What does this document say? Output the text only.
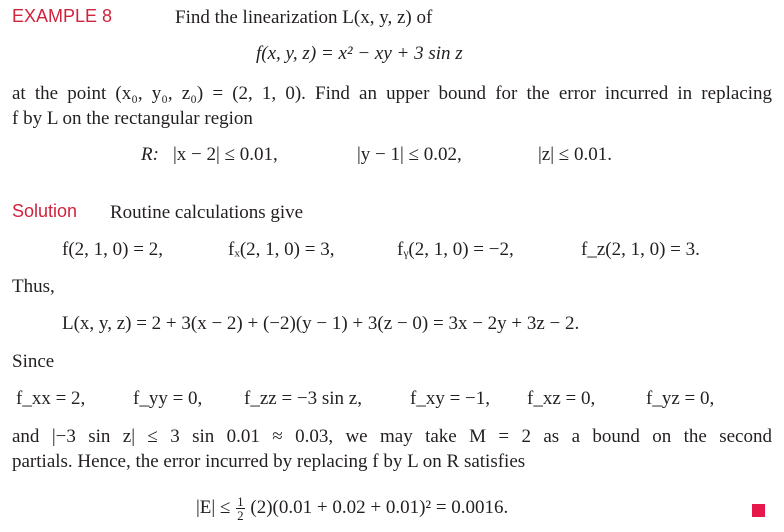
EXAMPLE 8	Find the linearization L(x, y, z) of
f(x, y, z) = x² − xy + 3 sin z
at the point (x₀, y₀, z₀) = (2, 1, 0). Find an upper bound for the error incurred in replacing
f by L on the rectangular region
R: |x − 2| ≤ 0.01,	|y − 1| ≤ 0.02,	|z| ≤ 0.01.
Solution Routine calculations give
f(2, 1, 0) = 2,	fₓ(2, 1, 0) = 3,	fᵧ(2, 1, 0) = −2,	f_z(2, 1, 0) = 3.
Thus,
L(x, y, z) = 2 + 3(x − 2) + (−2)(y − 1) + 3(z − 0) = 3x − 2y + 3z − 2.
Since
f_xx = 2,	f_yy = 0, f_zz = −3 sin z,	f_xy = −1, f_xz = 0,	f_yz = 0,
and |−3 sin z| ≤ 3 sin 0.01 ≈ 0.03, we may take M = 2 as a bound on the second
partials. Hence, the error incurred by replacing f by L on R satisfies
$|E| \le \frac{1}{2} (2)(0.01 + 0.02 + 0.01)^2 = 0.0016$.
